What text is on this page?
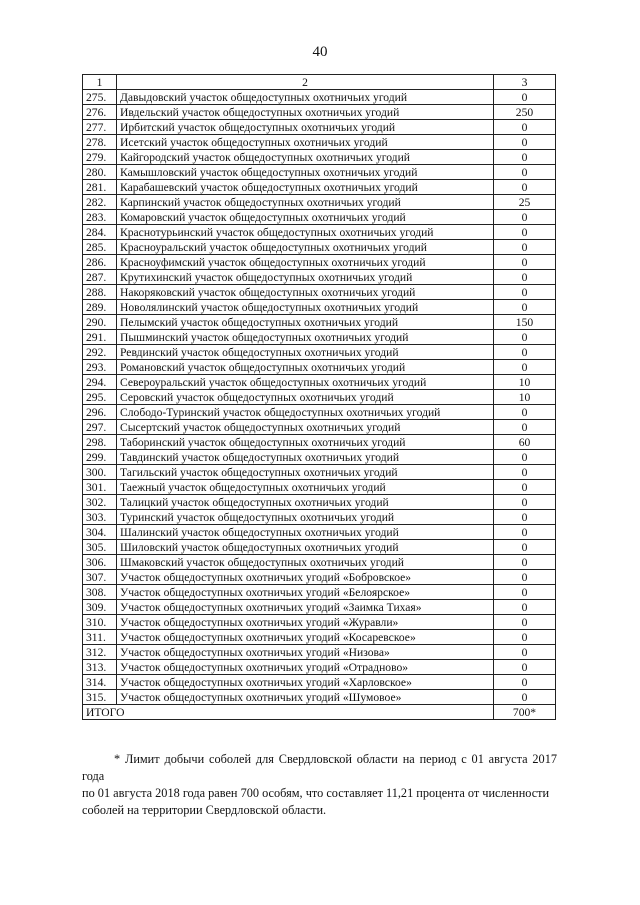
40
1	2	3
275.	Давыдовский участок общедоступных охотничьих угодий	0
276.	Ивдельский участок общедоступных охотничьих угодий	250
277.	Ирбитский участок общедоступных охотничьих угодий	0
278.	Исетский участок общедоступных охотничьих угодий	0
279.	Кайгородский участок общедоступных охотничьих угодий	0
280.	Камышловский участок общедоступных охотничьих угодий	0
281.	Карабашевский участок общедоступных охотничьих угодий	0
282.	Карпинский участок общедоступных охотничьих угодий	25
283.	Комаровский участок общедоступных охотничьих угодий	0
284.	Краснотурьинский участок общедоступных охотничьих угодий	0
285.	Красноуральский участок общедоступных охотничьих угодий	0
286.	Красноуфимский участок общедоступных охотничьих угодий	0
287.	Крутихинский участок общедоступных охотничьих угодий	0
288.	Накоряковский участок общедоступных охотничьих угодий	0
289.	Новолялинский участок общедоступных охотничьих угодий	0
290.	Пелымский участок общедоступных охотничьих угодий	150
291.	Пышминский участок общедоступных охотничьих угодий	0
292.	Ревдинский участок общедоступных охотничьих угодий	0
293.	Романовский участок общедоступных охотничьих угодий	0
294.	Североуральский участок общедоступных охотничьих угодий	10
295.	Серовский участок общедоступных охотничьих угодий	10
296.	Слободо-Туринский участок общедоступных охотничьих угодий	0
297.	Сысертский участок общедоступных охотничьих угодий	0
298.	Таборинский участок общедоступных охотничьих угодий	60
299.	Тавдинский участок общедоступных охотничьих угодий	0
300.	Тагильский участок общедоступных охотничьих угодий	0
301.	Таежный участок общедоступных охотничьих угодий	0
302.	Талицкий участок общедоступных охотничьих угодий	0
303.	Туринский участок общедоступных охотничьих угодий	0
304.	Шалинский участок общедоступных охотничьих угодий	0
305.	Шиловский участок общедоступных охотничьих угодий	0
306.	Шмаковский участок общедоступных охотничьих угодий	0
307.	Участок общедоступных охотничьих угодий «Бобровское»	0
308.	Участок общедоступных охотничьих угодий «Белоярское»	0
309.	Участок общедоступных охотничьих угодий «Заимка Тихая»	0
310.	Участок общедоступных охотничьих угодий «Журавли»	0
311.	Участок общедоступных охотничьих угодий «Косаревское»	0
312.	Участок общедоступных охотничьих угодий «Низова»	0
313.	Участок общедоступных охотничьих угодий «Отрадново»	0
314.	Участок общедоступных охотничьих угодий «Харловское»	0
315.	Участок общедоступных охотничьих угодий «Шумовое»	0
ИТОГО		700*
* Лимит добычи соболей для Свердловской области на период с 01 августа 2017 года
по 01 августа 2018 года равен 700 особям, что составляет 11,21 процента от численности
соболей на территории Свердловской области.
